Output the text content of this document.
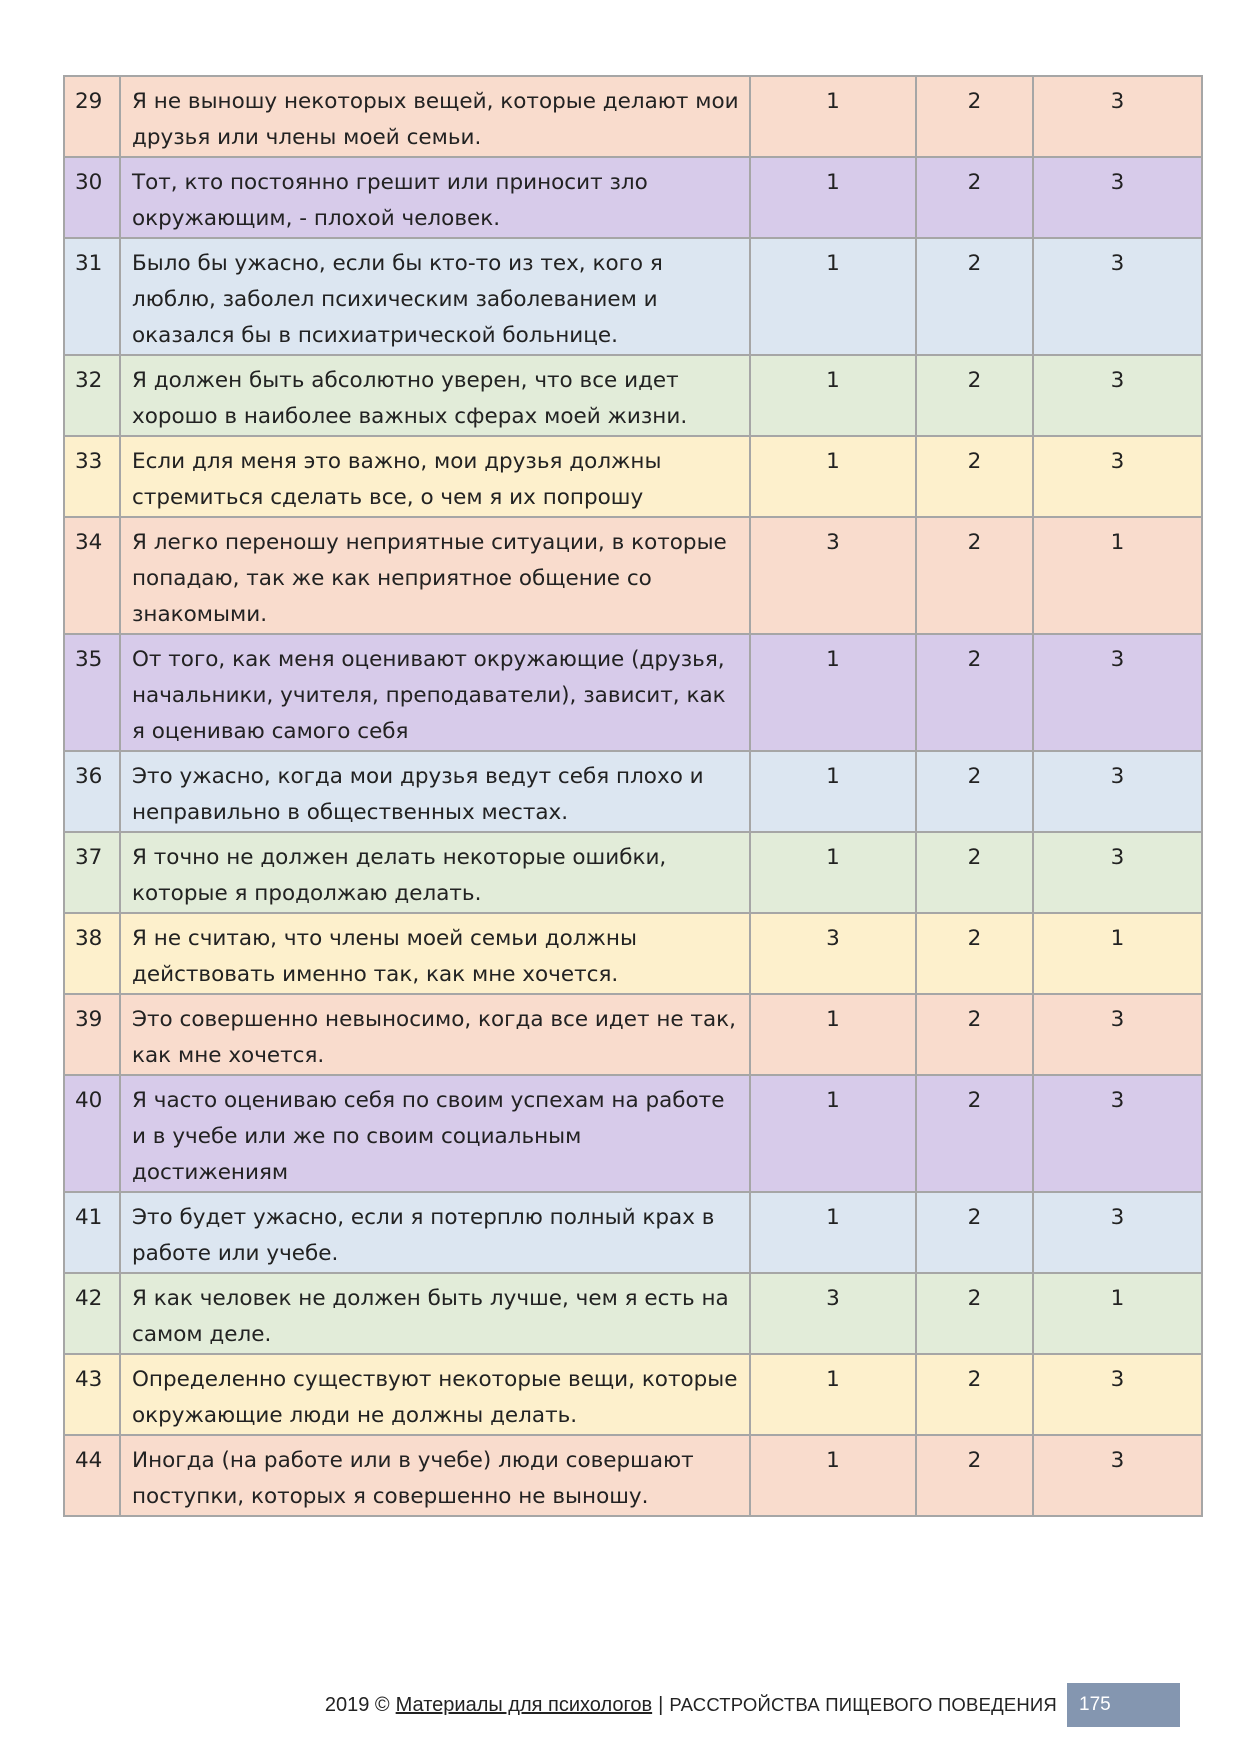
29	Я не выношу некоторых вещей, которые делают мои друзья или члены моей семьи.	1	2	3
30	Тот, кто постоянно грешит или приносит зло окружающим, - плохой человек.	1	2	3
31	Было бы ужасно, если бы кто-то из тех, кого я люблю, заболел психическим заболеванием и оказался бы в психиатрической больнице.	1	2	3
32	Я должен быть абсолютно уверен, что все идет хорошо в наиболее важных сферах моей жизни.	1	2	3
33	Если для меня это важно, мои друзья должны стремиться сделать все, о чем я их попрошу	1	2	3
34	Я легко переношу неприятные ситуации, в которые попадаю, так же как неприятное общение со знакомыми.	3	2	1
35	От того, как меня оценивают окружающие (друзья, начальники, учителя, преподаватели), зависит, как я оцениваю самого себя	1	2	3
36	Это ужасно, когда мои друзья ведут себя плохо и неправильно в общественных местах.	1	2	3
37	Я точно не должен делать некоторые ошибки, которые я продолжаю делать.	1	2	3
38	Я не считаю, что члены моей семьи должны действовать именно так, как мне хочется.	3	2	1
39	Это совершенно невыносимо, когда все идет не так, как мне хочется.	1	2	3
40	Я часто оцениваю себя по своим успехам на работе и в учебе или же по своим социальным достижениям	1	2	3
41	Это будет ужасно, если я потерплю полный крах в работе или учебе.	1	2	3
42	Я как человек не должен быть лучше, чем я есть на самом деле.	3	2	1
43	Определенно существуют некоторые вещи, которые окружающие люди не должны делать.	1	2	3
44	Иногда (на работе или в учебе) люди совершают поступки, которых я совершенно не выношу.	1	2	3
2019 © Материалы для психологов | РАССТРОЙСТВА ПИЩЕВОГО ПОВЕДЕНИЯ	175
